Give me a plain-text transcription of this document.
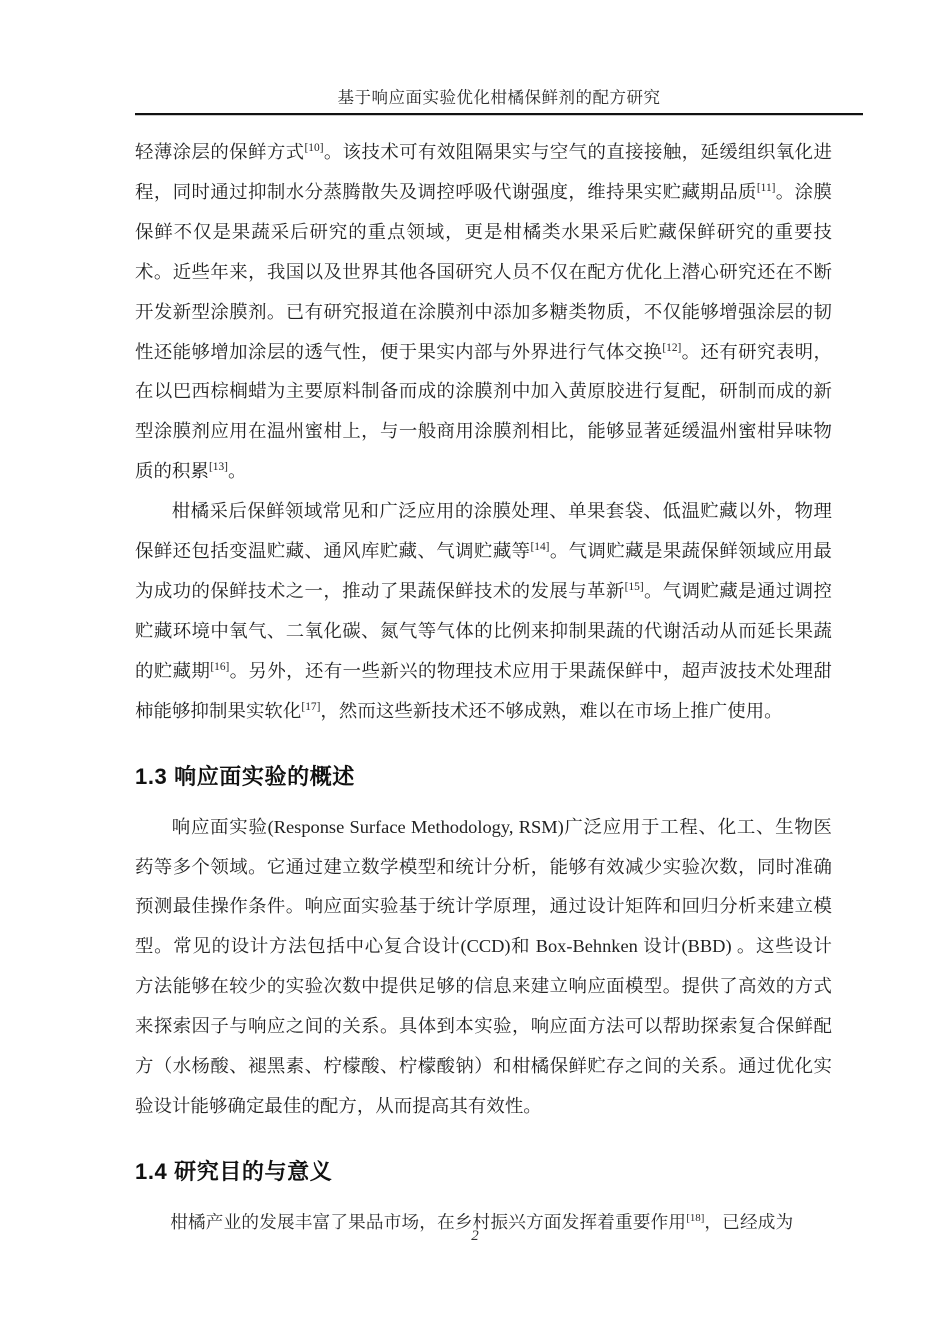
基于响应面实验优化柑橘保鲜剂的配方研究

轻薄涂层的保鲜方式[10]。该技术可有效阻隔果实与空气的直接接触，延缓组织氧化进程，同时通过抑制水分蒸腾散失及调控呼吸代谢强度，维持果实贮藏期品质[11]。涂膜保鲜不仅是果蔬采后研究的重点领域，更是柑橘类水果采后贮藏保鲜研究的重要技术。近些年来，我国以及世界其他各国研究人员不仅在配方优化上潜心研究还在不断开发新型涂膜剂。已有研究报道在涂膜剂中添加多糖类物质，不仅能够增强涂层的韧性还能够增加涂层的透气性，便于果实内部与外界进行气体交换[12]。还有研究表明，在以巴西棕榈蜡为主要原料制备而成的涂膜剂中加入黄原胶进行复配，研制而成的新型涂膜剂应用在温州蜜柑上，与一般商用涂膜剂相比，能够显著延缓温州蜜柑异味物质的积累[13]。

柑橘采后保鲜领域常见和广泛应用的涂膜处理、单果套袋、低温贮藏以外，物理保鲜还包括变温贮藏、通风库贮藏、气调贮藏等[14]。气调贮藏是果蔬保鲜领域应用最为成功的保鲜技术之一，推动了果蔬保鲜技术的发展与革新[15]。气调贮藏是通过调控贮藏环境中氧气、二氧化碳、氮气等气体的比例来抑制果蔬的代谢活动从而延长果蔬的贮藏期[16]。另外，还有一些新兴的物理技术应用于果蔬保鲜中，超声波技术处理甜柿能够抑制果实软化[17]，然而这些新技术还不够成熟，难以在市场上推广使用。

1.3 响应面实验的概述

响应面实验(Response Surface Methodology, RSM)广泛应用于工程、化工、生物医药等多个领域。它通过建立数学模型和统计分析，能够有效减少实验次数，同时准确预测最佳操作条件。响应面实验基于统计学原理，通过设计矩阵和回归分析来建立模型。常见的设计方法包括中心复合设计(CCD)和 Box-Behnken 设计(BBD) 。这些设计方法能够在较少的实验次数中提供足够的信息来建立响应面模型。提供了高效的方式来探索因子与响应之间的关系。具体到本实验，响应面方法可以帮助探索复合保鲜配方（水杨酸、褪黑素、柠檬酸、柠檬酸钠）和柑橘保鲜贮存之间的关系。通过优化实验设计能够确定最佳的配方，从而提高其有效性。

1.4 研究目的与意义

柑橘产业的发展丰富了果品市场，在乡村振兴方面发挥着重要作用[18]，已经成为

2
